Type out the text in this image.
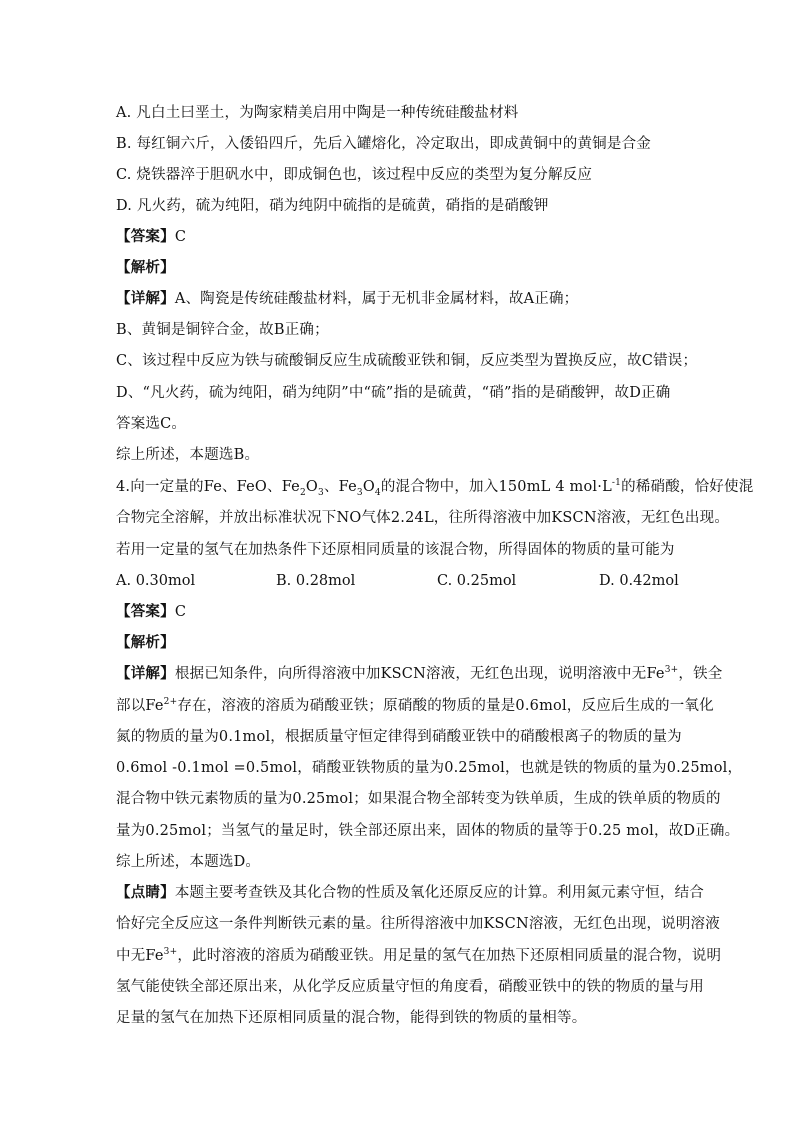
A. 凡白土曰垩土，为陶家精美启用中陶是一种传统硅酸盐材料
B. 每红铜六斤，入倭铅四斤，先后入罐熔化，冷定取出，即成黄铜中的黄铜是合金
C. 烧铁器淬于胆矾水中，即成铜色也，该过程中反应的类型为复分解反应
D. 凡火药，硫为纯阳，硝为纯阴中硫指的是硫黄，硝指的是硝酸钾
【答案】C
【解析】
【详解】A、陶瓷是传统硅酸盐材料，属于无机非金属材料，故A正确；
B、黄铜是铜锌合金，故B正确；
C、该过程中反应为铁与硫酸铜反应生成硫酸亚铁和铜，反应类型为置换反应，故C错误；
D、“凡火药，硫为纯阳，硝为纯阴”中“硫”指的是硫黄，“硝”指的是硝酸钾，故D正确
答案选C。
综上所述，本题选B。
4.向一定量的Fe、FeO、$Fe_2O_3$、$Fe_3O_4$的混合物中，加入150mL 4 $mol\cdot L^{-1}$的稀硝酸，恰好使混
合物完全溶解，并放出标准状况下NO气体2.24L，往所得溶液中加KSCN溶液，无红色出现。
若用一定量的氢气在加热条件下还原相同质量的该混合物，所得固体的物质的量可能为
A. 0.30mol	B. 0.28mol	C. 0.25mol	D. 0.42mol
【答案】C
【解析】
【详解】根据已知条件，向所得溶液中加KSCN溶液，无红色出现，说明溶液中无$Fe^{3+}$，铁全
部以$Fe^{2+}$存在，溶液的溶质为硝酸亚铁；原硝酸的物质的量是0.6mol，反应后生成的一氧化
氮的物质的量为0.1mol，根据质量守恒定律得到硝酸亚铁中的硝酸根离子的物质的量为
0.6mol -0.1mol =0.5mol，硝酸亚铁物质的量为0.25mol，也就是铁的物质的量为0.25mol，
混合物中铁元素物质的量为0.25mol；如果混合物全部转变为铁单质，生成的铁单质的物质的
量为0.25mol；当氢气的量足时，铁全部还原出来，固体的物质的量等于0.25 mol，故D正确。
综上所述，本题选D。
【点睛】本题主要考查铁及其化合物的性质及氧化还原反应的计算。利用氮元素守恒，结合
恰好完全反应这一条件判断铁元素的量。往所得溶液中加KSCN溶液，无红色出现，说明溶液
中无$Fe^{3+}$，此时溶液的溶质为硝酸亚铁。用足量的氢气在加热下还原相同质量的混合物，说明
氢气能使铁全部还原出来，从化学反应质量守恒的角度看，硝酸亚铁中的铁的物质的量与用
足量的氢气在加热下还原相同质量的混合物，能得到铁的物质的量相等。
